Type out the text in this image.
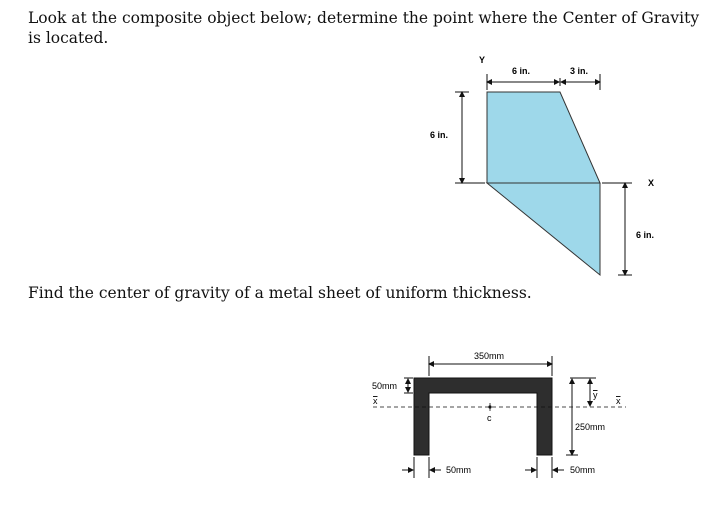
Look at the composite object below; determine the point where the Center of Gravity is located.
Find the center of gravity of a metal sheet of uniform thickness.
Y
6 in.	3 in.
6 in.
X
6 in.
350mm
50mm
x	x
c
y
250mm
50mm	50mm
